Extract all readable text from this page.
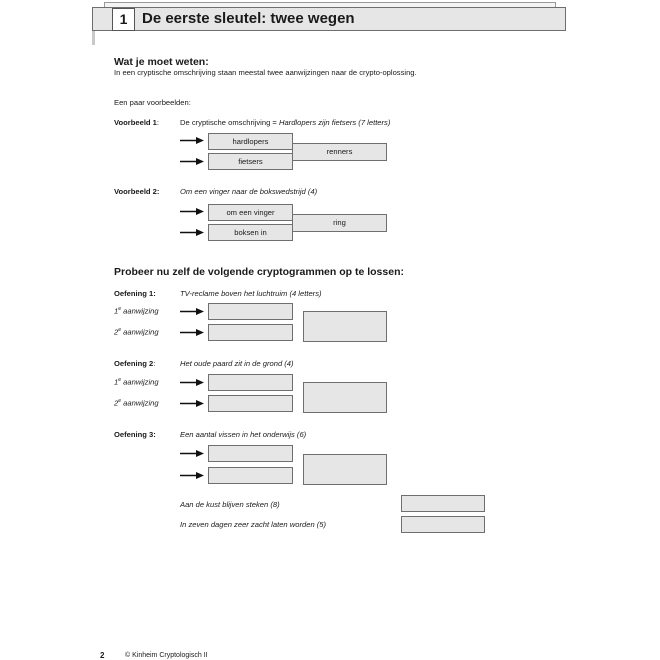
1 De eerste sleutel: twee wegen
Wat je moet weten:
In een cryptische omschrijving staan meestal twee aanwijzingen naar de crypto-oplossing.
Een paar voorbeelden:
Voorbeeld 1:	De cryptische omschrijving = Hardlopers zijn fietsers (7 letters)
hardlopers
fietsers
renners
Voorbeeld 2:	Om een vinger naar de bokswedstrijd (4)
om een vinger
boksen in
ring
Probeer nu zelf de volgende cryptogrammen op te lossen:
Oefening 1:	TV-reclame boven het luchtruim (4 letters)
1e aanwijzing
2e aanwijzing
Oefening 2:	Het oude paard zit in de grond (4)
1e aanwijzing
2e aanwijzing
Oefening 3:	Een aantal vissen in het onderwijs (6)
Aan de kust blijven steken (8)
In zeven dagen zeer zacht laten worden (5)
2	© Kinheim Cryptologisch II
